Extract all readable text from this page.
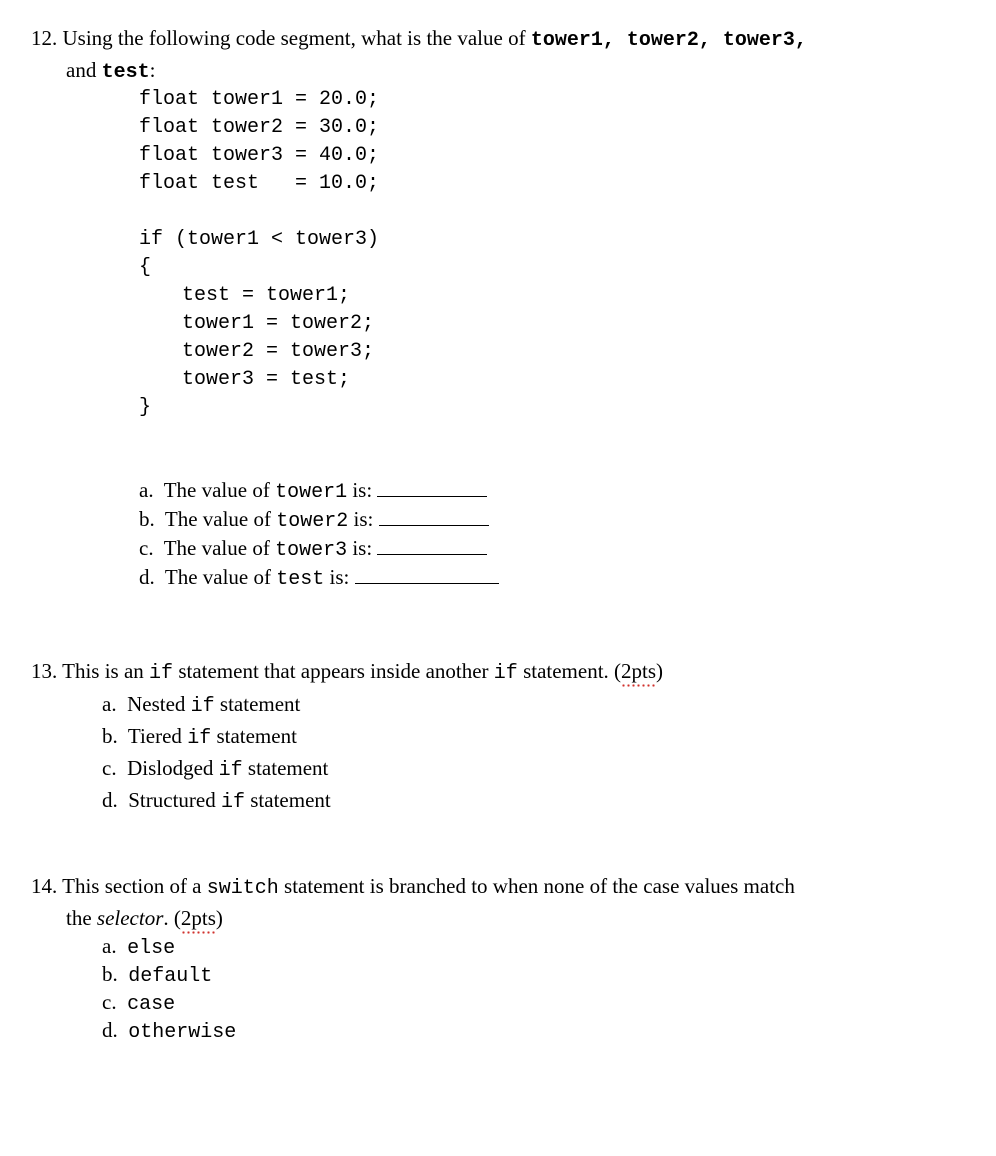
12. Using the following code segment, what is the value of tower1, tower2, tower3,
and test:
float tower1 = 20.0;
float tower2 = 30.0;
float tower3 = 40.0;
float test   = 10.0;
if (tower1 < tower3)
{
test = tower1;
tower1 = tower2;
tower2 = tower3;
tower3 = test;
}
a. The value of tower1 is:
b. The value of tower2 is:
c. The value of tower3 is:
d. The value of test is:
13. This is an if statement that appears inside another if statement. (2pts)
a. Nested if statement
b. Tiered if statement
c. Dislodged if statement
d. Structured if statement
14. This section of a switch statement is branched to when none of the case values match
the selector. (2pts)
a. else
b. default
c. case
d. otherwise
